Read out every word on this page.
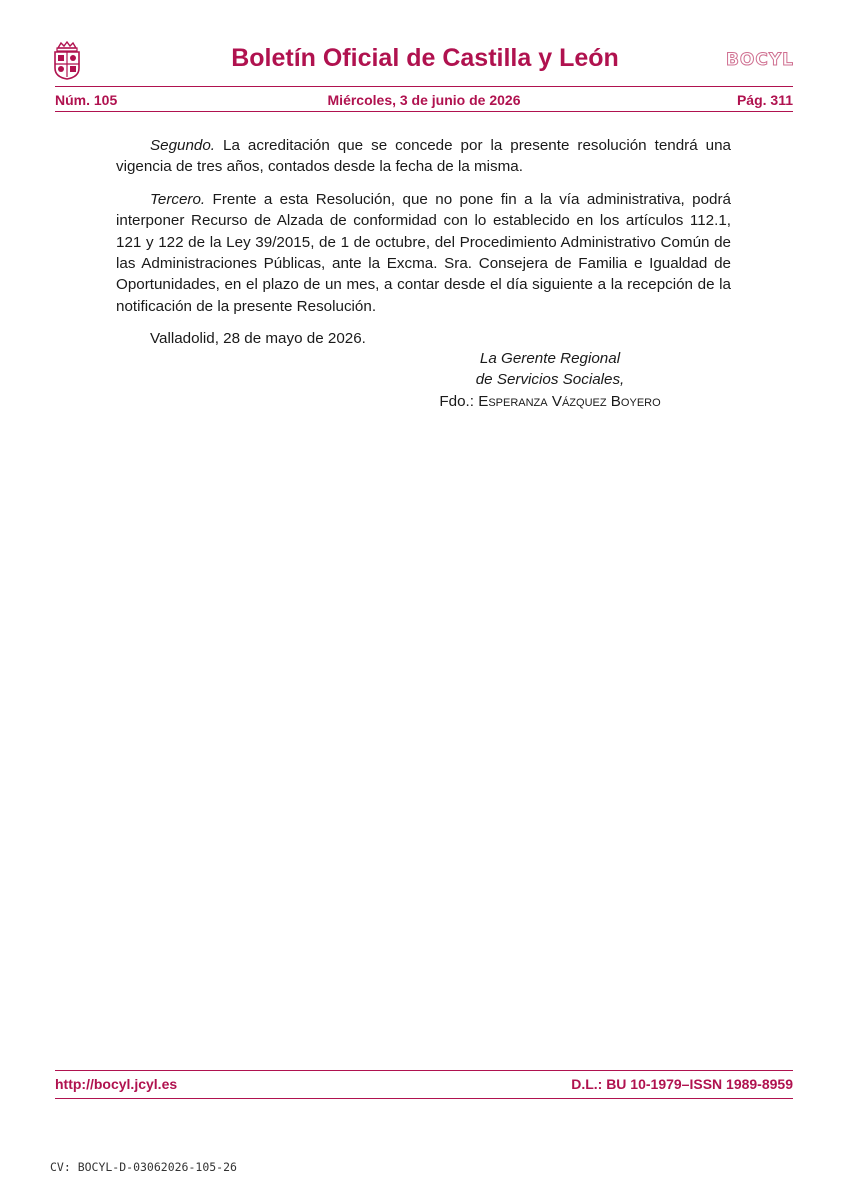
Boletín Oficial de Castilla y León	BOCYL
Núm. 105	Miércoles, 3 de junio de 2026	Pág. 311

Segundo. La acreditación que se concede por la presente resolución tendrá una vigencia de tres años, contados desde la fecha de la misma.

Tercero. Frente a esta Resolución, que no pone fin a la vía administrativa, podrá interponer Recurso de Alzada de conformidad con lo establecido en los artículos 112.1, 121 y 122 de la Ley 39/2015, de 1 de octubre, del Procedimiento Administrativo Común de las Administraciones Públicas, ante la Excma. Sra. Consejera de Familia e Igualdad de Oportunidades, en el plazo de un mes, a contar desde el día siguiente a la recepción de la notificación de la presente Resolución.

Valladolid, 28 de mayo de 2026.

La Gerente Regional
de Servicios Sociales,
Fdo.: Esperanza Vázquez Boyero
http://bocyl.jcyl.es	D.L.: BU 10-1979–ISSN 1989-8959
CV: BOCYL-D-03062026-105-26
